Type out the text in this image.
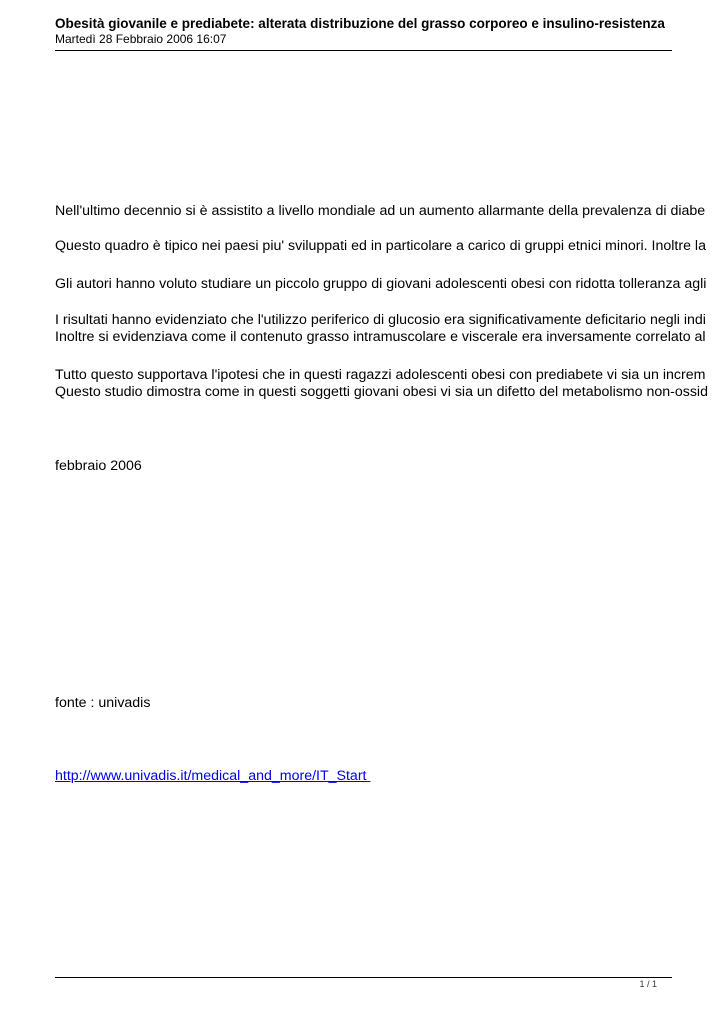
Obesità giovanile e prediabete: alterata distribuzione del grasso corporeo e insulino-resistenza
Martedì 28 Febbraio 2006 16:07
Nell'ultimo decennio si è assistito a livello mondiale ad un aumento allarmante della prevalenza di diabe
Questo quadro è tipico nei paesi piu' sviluppati ed in particolare a carico di gruppi etnici minori. Inoltre la
Gli autori hanno voluto studiare un piccolo gruppo di giovani adolescenti obesi con ridotta tolleranza agli
I risultati hanno evidenziato che l'utilizzo periferico di glucosio era significativamente deficitario negli indi
Inoltre si evidenziava come il contenuto grasso intramuscolare e viscerale era inversamente correlato al
Tutto questo supportava l'ipotesi che in questi ragazzi adolescenti obesi con prediabete vi sia un increm
Questo studio dimostra come in questi soggetti giovani obesi vi sia un difetto del metabolismo non-ossid
febbraio 2006
fonte : univadis
http://www.univadis.it/medical_and_more/IT_Start
1 / 1
